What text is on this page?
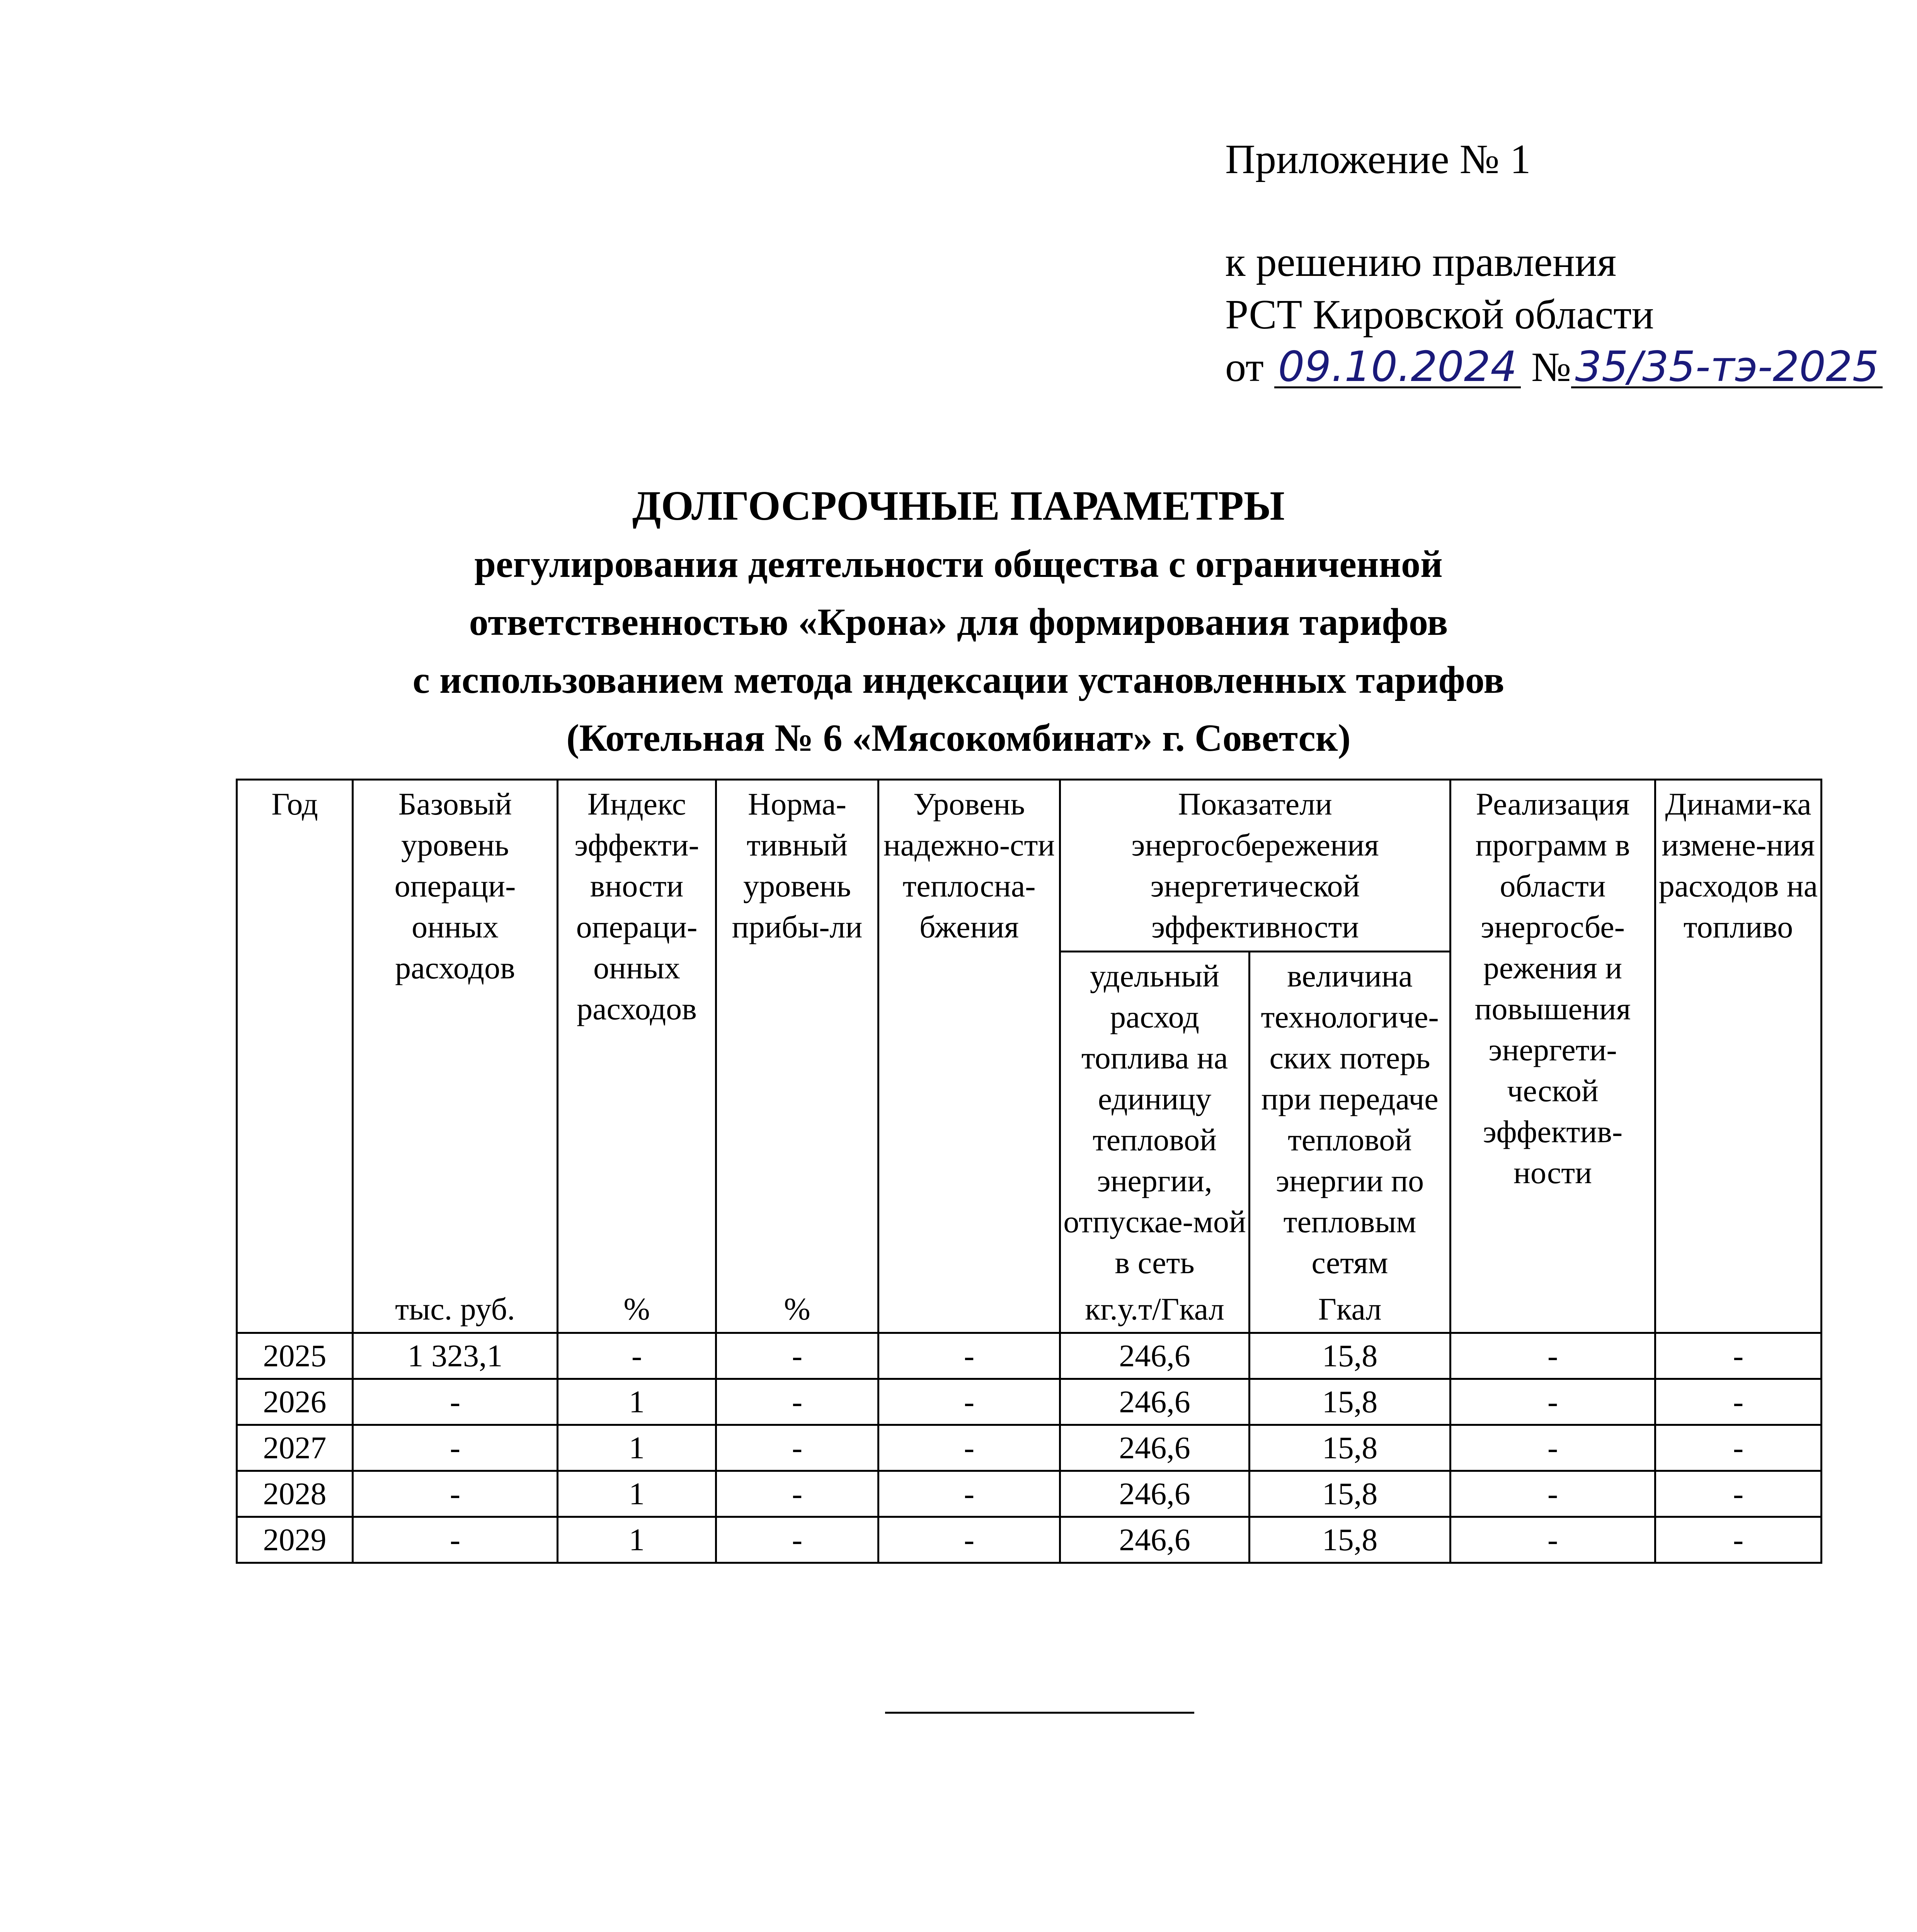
Приложение № 1
к решению правления
РСТ Кировской области
от 09.10.2024 №35/35-тэ-2025
ДОЛГОСРОЧНЫЕ ПАРАМЕТРЫ
регулирования деятельности общества с ограниченной
ответственностью «Крона» для формирования тарифов
с использованием метода индексации установленных тарифов
(Котельная № 6 «Мясокомбинат» г. Советск)
Год	Базовый уровень операци-онных расходов	Индекс эффекти-вности операци-онных расходов	Норма-тивный уровень прибы-ли	Уровень надежно-сти теплосна-бжения	Показатели энергосбережения энергетической эффективности		Реализация программ в области энергосбе-режения и повышения энергети-ческой эффектив-ности	Динами-ка измене-ния расходов на топливо
					удельный расход топлива на единицу тепловой энергии, отпускае-мой в сеть	величина технологиче-ских потерь при передаче тепловой энергии по тепловым сетям		
	тыс. руб.	%	%		кг.у.т/Гкал	Гкал		
2025	1 323,1	-	-	-	246,6	15,8	-	-
2026	-	1	-	-	246,6	15,8	-	-
2027	-	1	-	-	246,6	15,8	-	-
2028	-	1	-	-	246,6	15,8	-	-
2029	-	1	-	-	246,6	15,8	-	-
